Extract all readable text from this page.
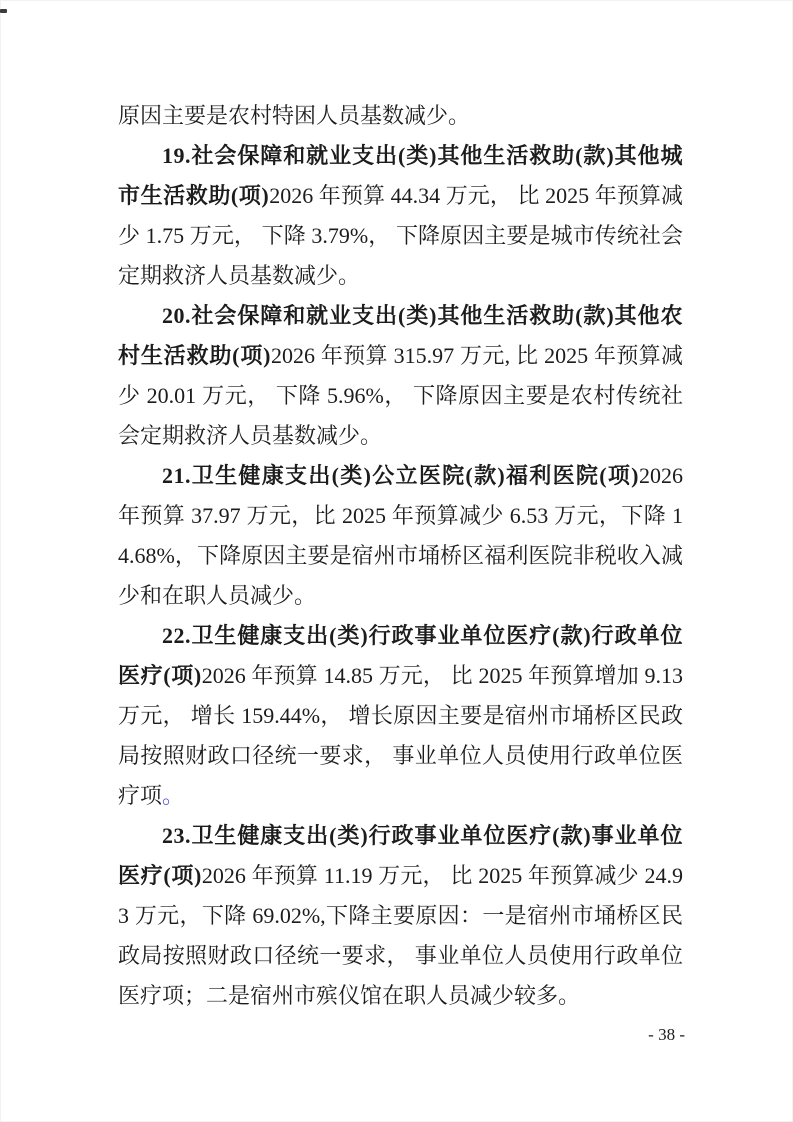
原因主要是农村特困人员基数减少。

19.社会保障和就业支出(类)其他生活救助(款)其他城市生活救助(项)2026 年预算 44.34 万元， 比 2025 年预算减少 1.75 万元， 下降 3.79%， 下降原因主要是城市传统社会定期救济人员基数减少。

20.社会保障和就业支出(类)其他生活救助(款)其他农村生活救助(项)2026 年预算 315.97 万元, 比 2025 年预算减少 20.01 万元， 下降 5.96%， 下降原因主要是农村传统社会定期救济人员基数减少。

21.卫生健康支出(类)公立医院(款)福利医院(项)2026 年预算 37.97 万元，比 2025 年预算减少 6.53 万元，下降 14.68%，下降原因主要是宿州市埇桥区福利医院非税收入减少和在职人员减少。

22.卫生健康支出(类)行政事业单位医疗(款)行政单位医疗(项)2026 年预算 14.85 万元， 比 2025 年预算增加 9.13 万元， 增长 159.44%， 增长原因主要是宿州市埇桥区民政局按照财政口径统一要求， 事业单位人员使用行政单位医疗项。

23.卫生健康支出(类)行政事业单位医疗(款)事业单位医疗(项)2026 年预算 11.19 万元， 比 2025 年预算减少 24.93 万元，下降 69.02%,下降主要原因：一是宿州市埇桥区民政局按照财政口径统一要求， 事业单位人员使用行政单位医疗项；二是宿州市殡仪馆在职人员减少较多。

- 38 -
